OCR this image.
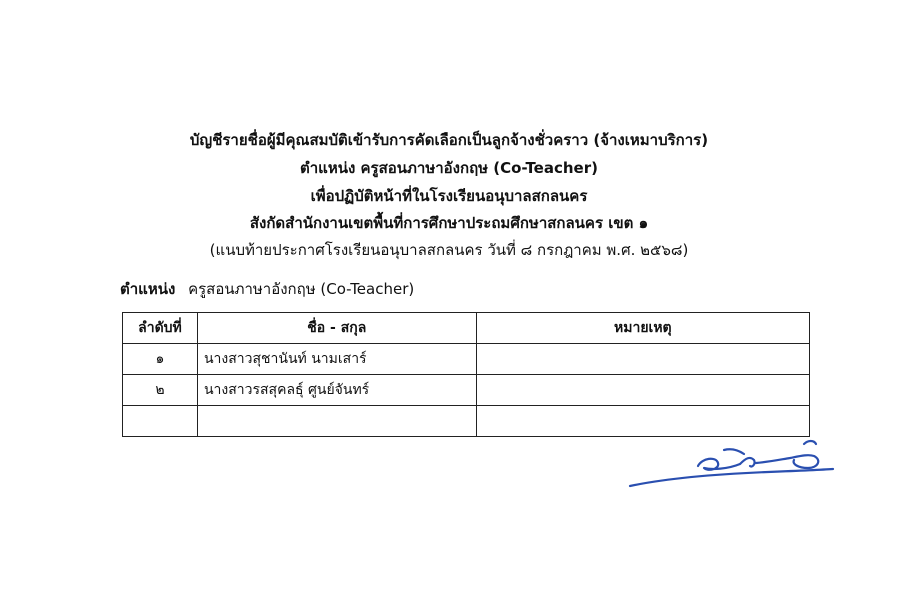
บัญชีรายชื่อผู้มีคุณสมบัติเข้ารับการคัดเลือกเป็นลูกจ้างชั่วคราว (จ้างเหมาบริการ)
ตำแหน่ง ครูสอนภาษาอังกฤษ (Co-Teacher)
เพื่อปฏิบัติหน้าที่ในโรงเรียนอนุบาลสกลนคร
สังกัดสำนักงานเขตพื้นที่การศึกษาประถมศึกษาสกลนคร เขต ๑
(แนบท้ายประกาศโรงเรียนอนุบาลสกลนคร วันที่ ๘ กรกฎาคม พ.ศ. ๒๕๖๘)
ตำแหน่ง ครูสอนภาษาอังกฤษ (Co-Teacher)
ลำดับที่	ชื่อ - สกุล	หมายเหตุ
๑	นางสาวสุชานันท์ นามเสาร์	
๒	นางสาวรสสุคลธุ์ ศูนย์จันทร์	
